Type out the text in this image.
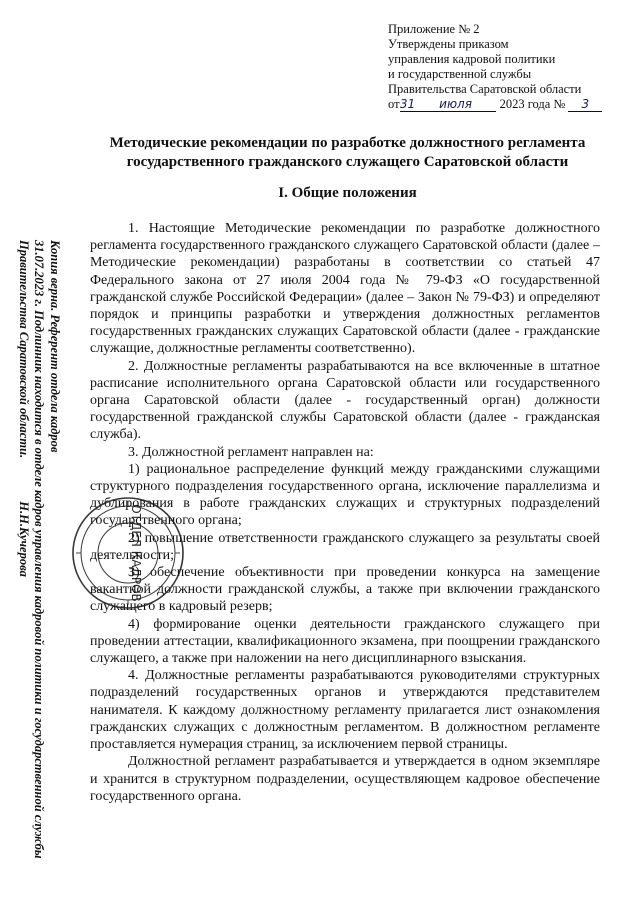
Приложение № 2
Утверждены приказом
управления кадровой политики
и государственной службы
Правительства Саратовской области
от 31	июля	2023 года №	3
Методические рекомендации по разработке должностного регламента государственного гражданского служащего Саратовской области
I. Общие положения

1. Настоящие Методические рекомендации по разработке должностного регламента государственного гражданского служащего Саратовской области (далее – Методические рекомендации) разработаны в соответствии со статьей 47 Федерального закона от 27 июля 2004 года № 79-ФЗ «О государственной гражданской службе Российской Федерации» (далее – Закон № 79-ФЗ) и определяют порядок и принципы разработки и утверждения должностных регламентов государственных гражданских служащих Саратовской области (далее - гражданские служащие, должностные регламенты соответственно).

2. Должностные регламенты разрабатываются на все включенные в штатное расписание исполнительного органа Саратовской области или государственного органа Саратовской области (далее - государственный орган) должности государственной гражданской службы Саратовской области (далее - гражданская служба).

3. Должностной регламент направлен на:

1) рациональное распределение функций между гражданскими служащими структурного подразделения государственного органа, исключение параллелизма и дублирования в работе гражданских служащих и структурных подразделений государственного органа;

2) повышение ответственности гражданского служащего за результаты своей деятельности;

3) обеспечение объективности при проведении конкурса на замещение вакантной должности гражданской службы, а также при включении гражданского служащего в кадровый резерв;

4) формирование оценки деятельности гражданского служащего при проведении аттестации, квалификационного экзамена, при поощрении гражданского служащего, а также при наложении на него дисциплинарного взыскания.

4. Должностные регламенты разрабатываются руководителями структурных подразделений государственных органов и утверждаются представителем нанимателя. К каждому должностному регламенту прилагается лист ознакомления гражданских служащих с должностным регламентом. В должностном регламенте проставляется нумерация страниц, за исключением первой страницы.

Должностной регламент разрабатывается и утверждается в одном экземпляре и хранится в структурном подразделении, осуществляющем кадровое обеспечение государственного органа.

Копия верна. Референт отдела кадров
31.07.2023 г. Подлинник находится в отделе кадров управления кадровой политики и государственной службы
Правительства Саратовской области. Н.Н.Кучерова	ОТДЕЛ КАДРОВ
